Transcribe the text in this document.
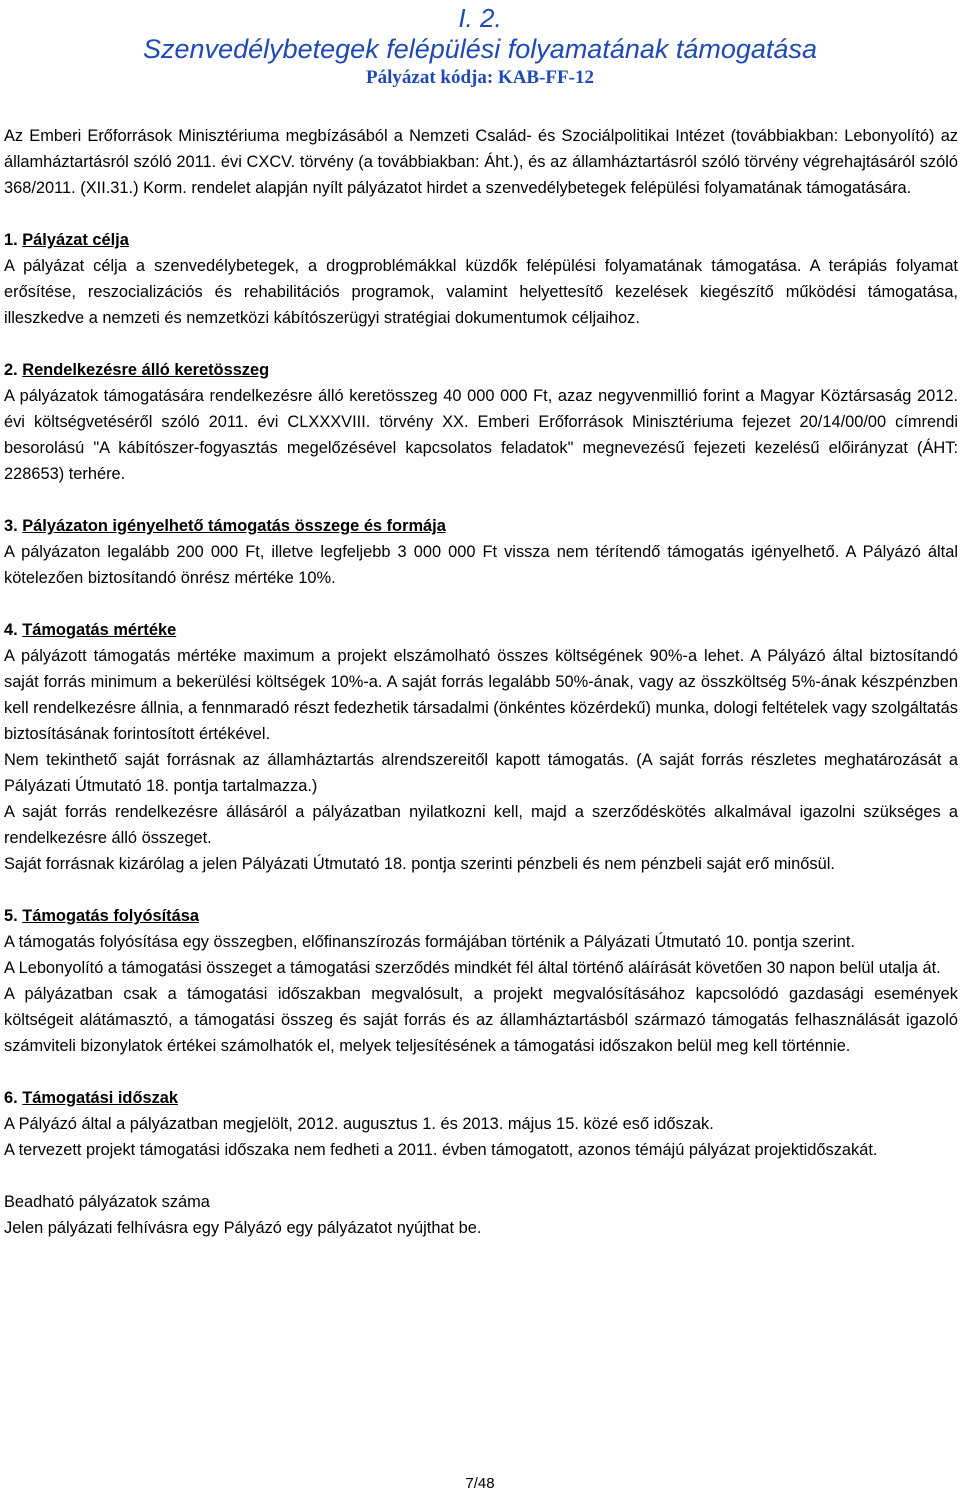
I. 2.
Szenvedélybetegek felépülési folyamatának támogatása
Pályázat kódja: KAB-FF-12

Az Emberi Erőforrások Minisztériuma megbízásából a Nemzeti Család- és Szociálpolitikai Intézet (továbbiakban: Lebonyolító) az államháztartásról szóló 2011. évi CXCV. törvény (a továbbiakban: Áht.), és az államháztartásról szóló törvény végrehajtásáról szóló 368/2011. (XII.31.) Korm. rendelet alapján nyílt pályázatot hirdet a szenvedélybetegek felépülési folyamatának támogatására.

1. Pályázat célja

A pályázat célja a szenvedélybetegek, a drogproblémákkal küzdők felépülési folyamatának támogatása. A terápiás folyamat erősítése, reszocializációs és rehabilitációs programok, valamint helyettesítő kezelések kiegészítő működési támogatása, illeszkedve a nemzeti és nemzetközi kábítószerügyi stratégiai dokumentumok céljaihoz.

2. Rendelkezésre álló keretösszeg

A pályázatok támogatására rendelkezésre álló keretösszeg 40 000 000 Ft, azaz negyvenmillió forint a Magyar Köztársaság 2012. évi költségvetéséről szóló 2011. évi CLXXXVIII. törvény XX. Emberi Erőforrások Minisztériuma fejezet 20/14/00/00 címrendi besorolású "A kábítószer-fogyasztás megelőzésével kapcsolatos feladatok" megnevezésű fejezeti kezelésű előirányzat (ÁHT: 228653) terhére.

3. Pályázaton igényelhető támogatás összege és formája

A pályázaton legalább 200 000 Ft, illetve legfeljebb 3 000 000 Ft vissza nem térítendő támogatás igényelhető. A Pályázó által kötelezően biztosítandó önrész mértéke 10%.

4. Támogatás mértéke

A pályázott támogatás mértéke maximum a projekt elszámolható összes költségének 90%-a lehet. A Pályázó által biztosítandó saját forrás minimum a bekerülési költségek 10%-a. A saját forrás legalább 50%-ának, vagy az összköltség 5%-ának készpénzben kell rendelkezésre állnia, a fennmaradó részt fedezhetik társadalmi (önkéntes közérdekű) munka, dologi feltételek vagy szolgáltatás biztosításának forintosított értékével.

Nem tekinthető saját forrásnak az államháztartás alrendszereitől kapott támogatás. (A saját forrás részletes meghatározását a Pályázati Útmutató 18. pontja tartalmazza.)

A saját forrás rendelkezésre állásáról a pályázatban nyilatkozni kell, majd a szerződésk​ötés alkalmával igazolni szükséges a rendelkezésre álló összeget.

Saját forrásnak kizárólag a jelen Pályázati Útmutató 18. pontja szerinti pénzbeli és nem pénzbeli saját erő minősül.

5. Támogatás folyósítása

A támogatás folyósítása egy összegben, előfinanszírozás formájában történik a Pályázati Útmutató 10. pontja szerint.

A Lebonyolító a támogatási összeget a támogatási szerződés mindkét fél által történő aláírását követően 30 napon belül utalja át.

A pályázatban csak a támogatási időszakban megvalósult, a projekt megvalósításához kapcsolódó gazdasági események költségeit alátámasztó, a támogatási összeg és saját forrás és az államháztartásból származó támogatás felhasználását igazoló számviteli bizonylatok értékei számolhatók el, melyek teljesítésének a támogatási időszakon belül meg kell történnie.

6. Támogatási időszak

A Pályázó által a pályázatban megjelölt, 2012. augusztus 1. és 2013. május 15. közé eső időszak.

A tervezett projekt támogatási időszaka nem fedheti a 2011. évben támogatott, azonos témájú pályázat projektidőszakát.

Beadható pályázatok száma

Jelen pályázati felhívásra egy Pályázó egy pályázatot nyújthat be.

7/48
